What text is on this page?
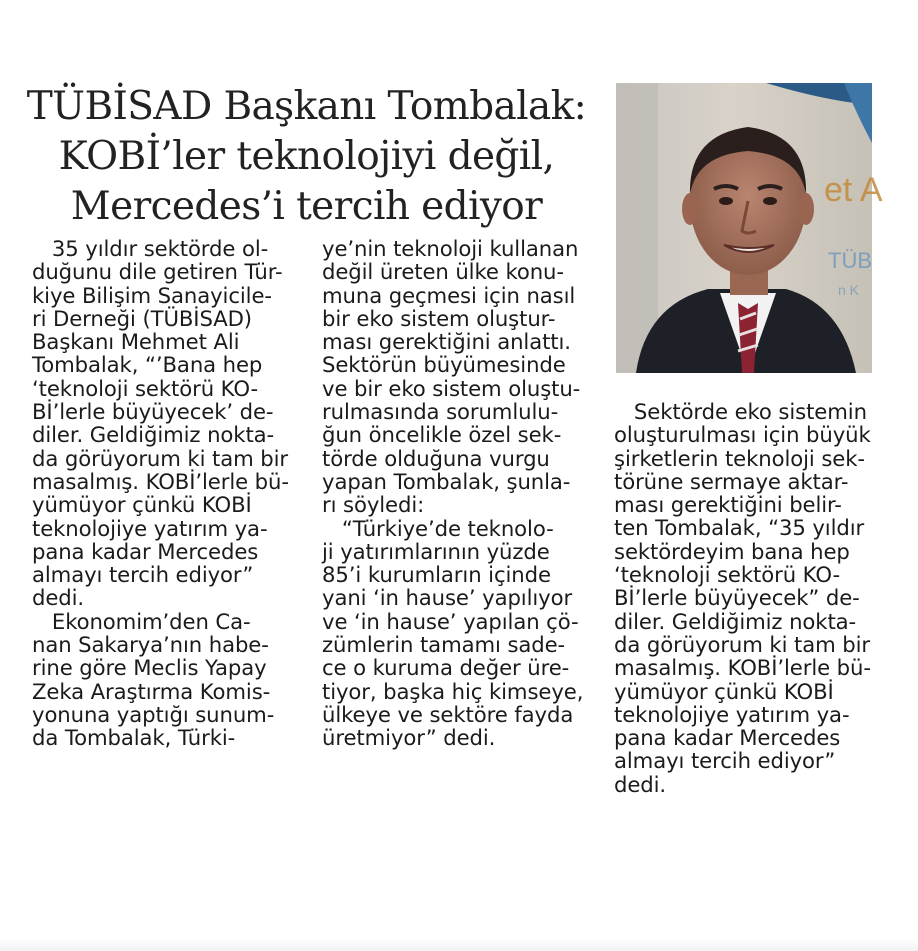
TÜBİSAD Başkanı Tombalak:
KOBİ’ler teknolojiyi değil,
Mercedes’i tercih ediyor
35 yıldır sektörde ol-
duğunu dile getiren Tür-
kiye Bilişim Sanayicile-
ri Derneği (TÜBİSAD)
Başkanı Mehmet Ali
Tombalak, “’Bana hep
‘teknoloji sektörü KO-
Bİ’lerle büyüyecek’ de-
diler. Geldiğimiz nokta-
da görüyorum ki tam bir
masalmış. KOBİ’lerle bü-
yümüyor çünkü KOBİ
teknolojiye yatırım ya-
pana kadar Mercedes
almayı tercih ediyor”
dedi.
Ekonomim’den Ca-
nan Sakarya’nın habe-
rine göre Meclis Yapay
Zeka Araştırma Komis-
yonuna yaptığı sunum-
da Tombalak, Türki-
ye’nin teknoloji kullanan
değil üreten ülke konu-
muna geçmesi için nasıl
bir eko sistem oluştur-
ması gerektiğini anlattı.
Sektörün büyümesinde
ve bir eko sistem oluştu-
rulmasında sorumlulu-
ğun öncelikle özel sek-
törde olduğuna vurgu
yapan Tombalak, şunla-
rı söyledi:
“Türkiye’de teknolo-
ji yatırımlarının yüzde
85’i kurumların içinde
yani ‘in hause’ yapılıyor
ve ‘in hause’ yapılan çö-
zümlerin tamamı sade-
ce o kuruma değer üre-
tiyor, başka hiç kimseye,
ülkeye ve sektöre fayda
üretmiyor” dedi.
Sektörde eko sistemin
oluşturulması için büyük
şirketlerin teknoloji sek-
törüne sermaye aktar-
ması gerektiğini belir-
ten Tombalak, “35 yıldır
sektördeyim bana hep
‘teknoloji sektörü KO-
Bİ’lerle büyüyecek” de-
diler. Geldiğimiz nokta-
da görüyorum ki tam bir
masalmış. KOBİ’lerle bü-
yümüyor çünkü KOBİ
teknolojiye yatırım ya-
pana kadar Mercedes
almayı tercih ediyor”
dedi.
et A
TÜB
n K
